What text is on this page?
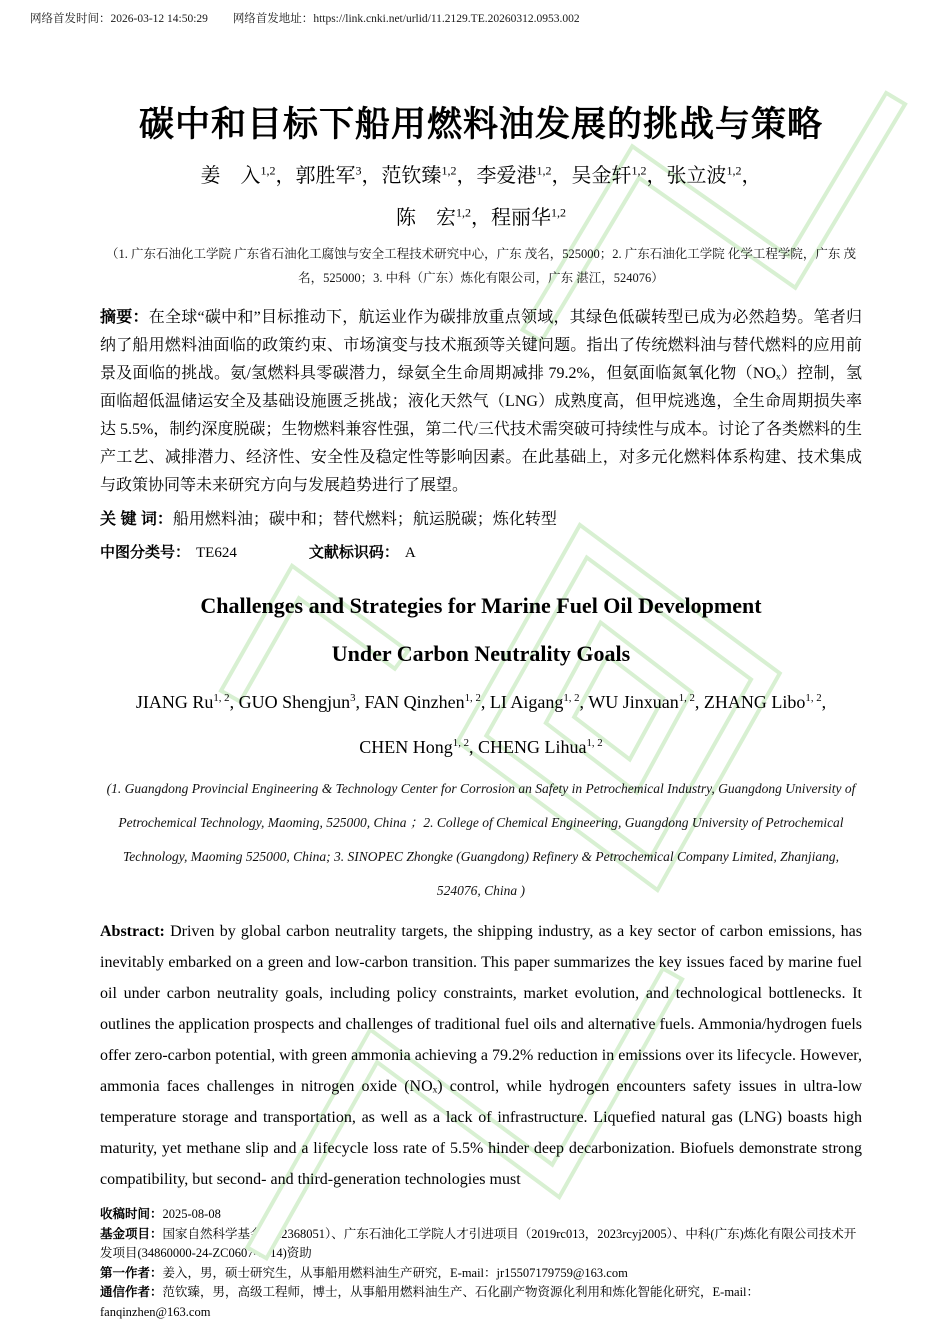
网络首发时间：2026-03-12 14:50:29 网络首发地址：https://link.cnki.net/urlid/11.2129.TE.20260312.0953.002
碳中和目标下船用燃料油发展的挑战与策略

姜　入$^{1,2}$，郭胜军$^3$，范钦臻$^{1,2}$，李爱港$^{1,2}$，吴金轩$^{1,2}$，张立波$^{1,2}$，

陈　宏$^{1,2}$，程丽华$^{1,2}$

（1. 广东石油化工学院 广东省石油化工腐蚀与安全工程技术研究中心，广东 茂名，525000；2. 广东石油化工学院 化学工程学院，广东 茂名，525000；3. 中科（广东）炼化有限公司，广东 湛江，524076）

摘要：在全球“碳中和”目标推动下，航运业作为碳排放重点领域，其绿色低碳转型已成为必然趋势。笔者归纳了船用燃料油面临的政策约束、市场演变与技术瓶颈等关键问题。指出了传统燃料油与替代燃料的应用前景及面临的挑战。氨/氢燃料具零碳潜力，绿氨全生命周期减排 79.2%，但氨面临氮氧化物（NOₓ）控制，氢面临超低温储运安全及基础设施匮乏挑战；液化天然气（LNG）成熟度高，但甲烷逃逸，全生命周期损失率达 5.5%，制约深度脱碳；生物燃料兼容性强，第二代/三代技术需突破可持续性与成本。讨论了各类燃料的生产工艺、减排潜力、经济性、安全性及稳定性等影响因素。在此基础上，对多元化燃料体系构建、技术集成与政策协同等未来研究方向与发展趋势进行了展望。

关 键 词：船用燃料油；碳中和；替代燃料；航运脱碳；炼化转型

中图分类号： TE624	文献标识码： A

Challenges and Strategies for Marine Fuel Oil Development
Under Carbon Neutrality Goals

JIANG Ru$^{1, 2}$, GUO Shengjun$^3$, FAN Qinzhen$^{1, 2}$, LI Aigang$^{1, 2}$, WU Jinxuan$^{1, 2}$, ZHANG Libo$^{1, 2}$,

CHEN Hong$^{1, 2}$, CHENG Lihua$^{1, 2}$

(1. Guangdong Provincial Engineering & Technology Center for Corrosion an Safety in Petrochemical Industry, Guangdong University of Petrochemical Technology, Maoming, 525000, China ；2. College of Chemical Engineering, Guangdong University of Petrochemical Technology, Maoming 525000, China; 3. SINOPEC Zhongke (Guangdong) Refinery & Petrochemical Company Limited, Zhanjiang, 524076, China )

Abstract: Driven by global carbon neutrality targets, the shipping industry, as a key sector of carbon emissions, has inevitably embarked on a green and low-carbon transition. This paper summarizes the key issues faced by marine fuel oil under carbon neutrality goals, including policy constraints, market evolution, and technological bottlenecks. It outlines the application prospects and challenges of traditional fuel oils and alternative fuels. Ammonia/hydrogen fuels offer zero-carbon potential, with green ammonia achieving a 79.2% reduction in emissions over its lifecycle. However, ammonia faces challenges in nitrogen oxide (NOₓ) control, while hydrogen encounters safety issues in ultra-low temperature storage and transportation, as well as a lack of infrastructure. Liquefied natural gas (LNG) boasts high maturity, yet methane slip and a lifecycle loss rate of 5.5% hinder deep decarbonization. Biofuels demonstrate strong compatibility, but second- and third-generation technologies must

收稿时间：2025-08-08

基金项目：国家自然科学基金（22368051）、广东石油化工学院人才引进项目（2019rc013，2023rcyj2005）、中科(广东)炼化有限公司技术开发项目(34860000-24-ZC0607-0014)资助

第一作者：姜入，男，硕士研究生，从事船用燃料油生产研究，E-mail：jr15507179759@163.com

通信作者：范钦臻，男，高级工程师，博士，从事船用燃料油生产、石化副产物资源化利用和炼化智能化研究，E-mail：fanqinzhen@163.com
